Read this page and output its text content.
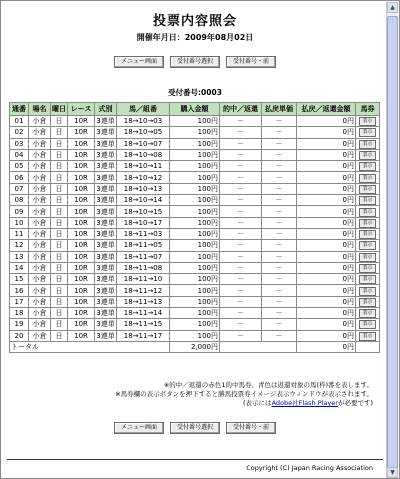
投票内容照会
開催年月日：2009年08月02日
メニュー画面	受付番号選択	受付番号・前
受付番号:0003
通番	場名	曜日	レース	式別	馬／組番	購入金額	的中／返還	払戻単価	払戻／返還金額	馬券
01	小倉	日	10R	3連単	18→10→03	100円	－	－	0円	表示
02	小倉	日	10R	3連単	18→10→05	100円	－	－	0円	表示
03	小倉	日	10R	3連単	18→10→07	100円	－	－	0円	表示
04	小倉	日	10R	3連単	18→10→08	100円	－	－	0円	表示
05	小倉	日	10R	3連単	18→10→11	100円	－	－	0円	表示
06	小倉	日	10R	3連単	18→10→12	100円	－	－	0円	表示
07	小倉	日	10R	3連単	18→10→13	100円	－	－	0円	表示
08	小倉	日	10R	3連単	18→10→14	100円	－	－	0円	表示
09	小倉	日	10R	3連単	18→10→15	100円	－	－	0円	表示
10	小倉	日	10R	3連単	18→10→17	100円	－	－	0円	表示
11	小倉	日	10R	3連単	18→11→03	100円	－	－	0円	表示
12	小倉	日	10R	3連単	18→11→05	100円	－	－	0円	表示
13	小倉	日	10R	3連単	18→11→07	100円	－	－	0円	表示
14	小倉	日	10R	3連単	18→11→08	100円	－	－	0円	表示
15	小倉	日	10R	3連単	18→11→10	100円	－	－	0円	表示
16	小倉	日	10R	3連単	18→11→12	100円	－	－	0円	表示
17	小倉	日	10R	3連単	18→11→13	100円	－	－	0円	表示
18	小倉	日	10R	3連単	18→11→14	100円	－	－	0円	表示
19	小倉	日	10R	3連単	18→11→15	100円	－	－	0円	表示
20	小倉	日	10R	3連単	18→11→17	100円	－	－	0円	表示
トータル						2,000円			0円	
※的中／返還の赤色1的中馬券、青色は返還対象の馬(枠)番を表します。
※馬券欄の表示ボタンを押下すると勝馬投票券イメージ表示ウィンドウが表示されます。
(表示にはAdobe社Flash Playerが必要です)
メニュー画面	受付番号選択	受付番号・前
Copyright (C) Japan Racing Association
▲
▼
